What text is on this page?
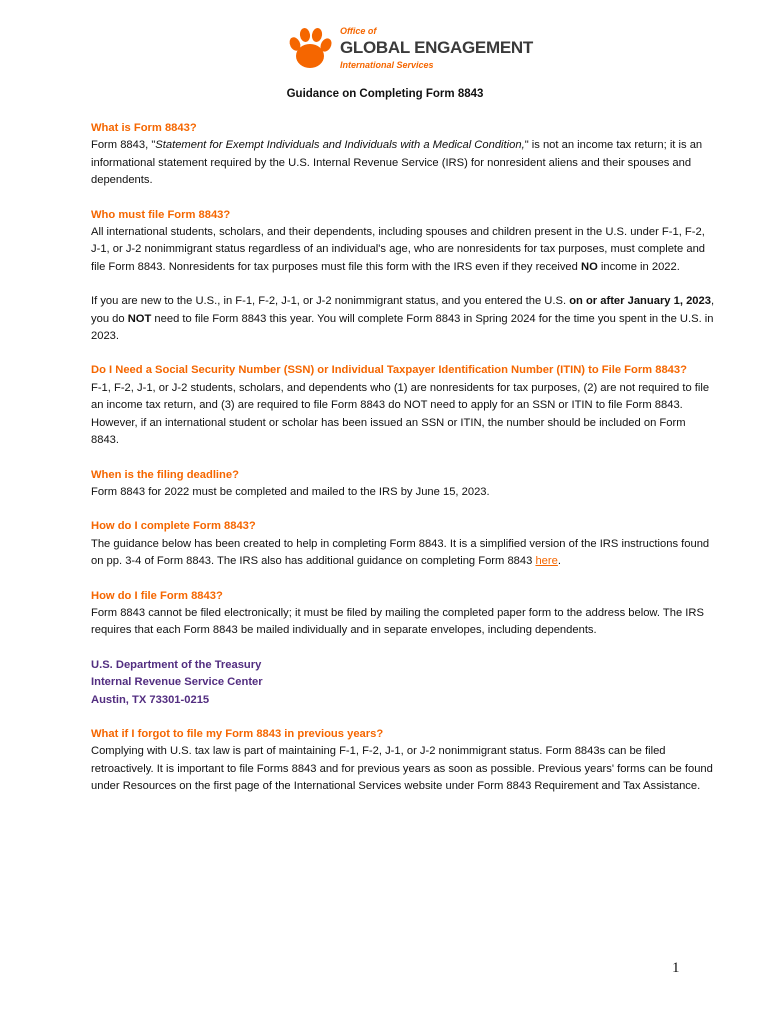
Office of
GLOBAL ENGAGEMENT
International Services
Guidance on Completing Form 8843

What is Form 8843?

Form 8843, "Statement for Exempt Individuals and Individuals with a Medical Condition," is not an income tax return; it is an informational statement required by the U.S. Internal Revenue Service (IRS) for nonresident aliens and their spouses and dependents.

Who must file Form 8843?

All international students, scholars, and their dependents, including spouses and children present in the U.S. under F-1, F-2, J-1, or J-2 nonimmigrant status regardless of an individual's age, who are nonresidents for tax purposes, must complete and file Form 8843. Nonresidents for tax purposes must file this form with the IRS even if they received NO income in 2022.

If you are new to the U.S., in F-1, F-2, J-1, or J-2 nonimmigrant status, and you entered the U.S. on or after January 1, 2023, you do NOT need to file Form 8843 this year. You will complete Form 8843 in Spring 2024 for the time you spent in the U.S. in 2023.

Do I Need a Social Security Number (SSN) or Individual Taxpayer Identification Number (ITIN) to File Form 8843?

F-1, F-2, J-1, or J-2 students, scholars, and dependents who (1) are nonresidents for tax purposes, (2) are not required to file an income tax return, and (3) are required to file Form 8843 do NOT need to apply for an SSN or ITIN to file Form 8843. However, if an international student or scholar has been issued an SSN or ITIN, the number should be included on Form 8843.

When is the filing deadline?

Form 8843 for 2022 must be completed and mailed to the IRS by June 15, 2023.

How do I complete Form 8843?

The guidance below has been created to help in completing Form 8843. It is a simplified version of the IRS instructions found on pp. 3-4 of Form 8843. The IRS also has additional guidance on completing Form 8843 here.

How do I file Form 8843?

Form 8843 cannot be filed electronically; it must be filed by mailing the completed paper form to the address below. The IRS requires that each Form 8843 be mailed individually and in separate envelopes, including dependents.

U.S. Department of the Treasury

Internal Revenue Service Center

Austin, TX 73301-0215

What if I forgot to file my Form 8843 in previous years?

Complying with U.S. tax law is part of maintaining F-1, F-2, J-1, or J-2 nonimmigrant status. Form 8843s can be filed retroactively. It is important to file Forms 8843 and for previous years as soon as possible. Previous years' forms can be found under Resources on the first page of the International Services website under Form 8843 Requirement and Tax Assistance.

1
